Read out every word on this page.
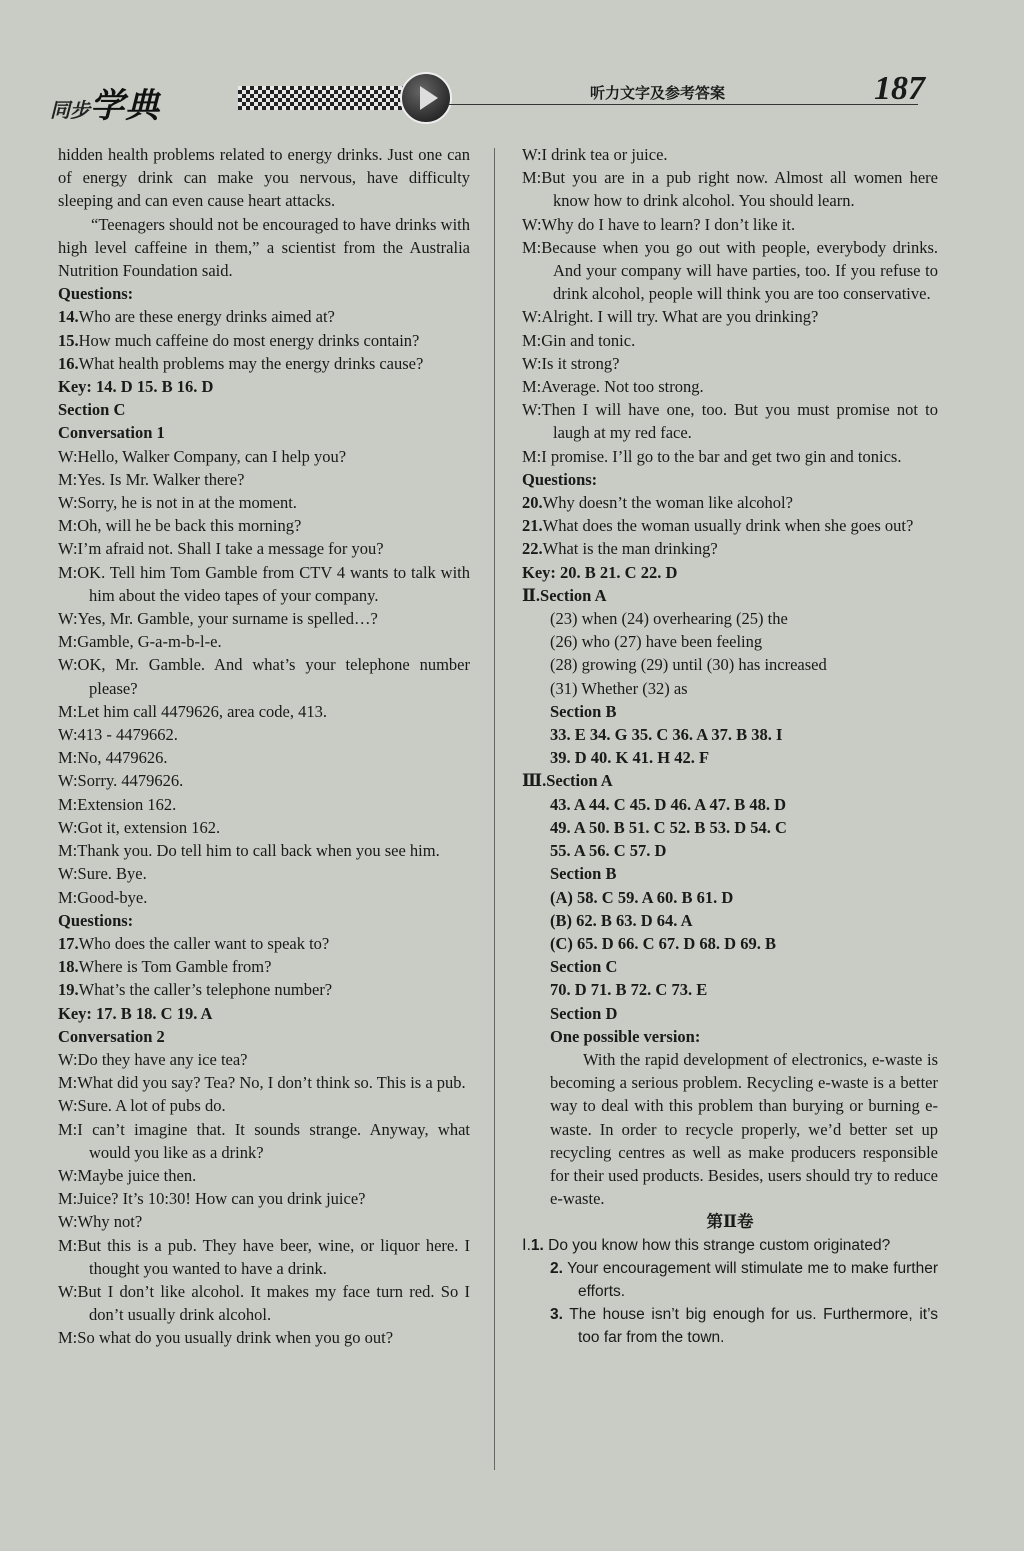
同步学典	听力文字及参考答案	187
hidden health problems related to energy drinks. Just one can of energy drink can make you nervous, have difficulty sleeping and can even cause heart attacks.
“Teenagers should not be encouraged to have drinks with high level caffeine in them,” a scientist from the Australia Nutrition Foundation said.
Questions:
14.Who are these energy drinks aimed at?
15.How much caffeine do most energy drinks contain?
16.What health problems may the energy drinks cause?
Key: 14. D 15. B 16. D
Section C
Conversation 1
W:Hello, Walker Company, can I help you?
M:Yes. Is Mr. Walker there?
W:Sorry, he is not in at the moment.
M:Oh, will he be back this morning?
W:I’m afraid not. Shall I take a message for you?
M:OK. Tell him Tom Gamble from CTV 4 wants to talk with him about the video tapes of your company.
W:Yes, Mr. Gamble, your surname is spelled…?
M:Gamble, G-a-m-b-l-e.
W:OK, Mr. Gamble. And what’s your telephone number please?
M:Let him call 4479626, area code, 413.
W:413 - 4479662.
M:No, 4479626.
W:Sorry. 4479626.
M:Extension 162.
W:Got it, extension 162.
M:Thank you. Do tell him to call back when you see him.
W:Sure. Bye.
M:Good-bye.
Questions:
17.Who does the caller want to speak to?
18.Where is Tom Gamble from?
19.What’s the caller’s telephone number?
Key: 17. B 18. C 19. A
Conversation 2
W:Do they have any ice tea?
M:What did you say? Tea? No, I don’t think so. This is a pub.
W:Sure. A lot of pubs do.
M:I can’t imagine that. It sounds strange. Anyway, what would you like as a drink?
W:Maybe juice then.
M:Juice? It’s 10:30! How can you drink juice?
W:Why not?
M:But this is a pub. They have beer, wine, or liquor here. I thought you wanted to have a drink.
W:But I don’t like alcohol. It makes my face turn red. So I don’t usually drink alcohol.
M:So what do you usually drink when you go out?
W:I drink tea or juice.
M:But you are in a pub right now. Almost all women here know how to drink alcohol. You should learn.
W:Why do I have to learn? I don’t like it.
M:Because when you go out with people, everybody drinks. And your company will have parties, too. If you refuse to drink alcohol, people will think you are too conservative.
W:Alright. I will try. What are you drinking?
M:Gin and tonic.
W:Is it strong?
M:Average. Not too strong.
W:Then I will have one, too. But you must promise not to laugh at my red face.
M:I promise. I’ll go to the bar and get two gin and tonics.
Questions:
20.Why doesn’t the woman like alcohol?
21.What does the woman usually drink when she goes out?
22.What is the man drinking?
Key: 20. B 21. C 22. D
Ⅱ.Section A
(23) when (24) overhearing (25) the
(26) who (27) have been feeling
(28) growing (29) until (30) has increased
(31) Whether (32) as
Section B
33. E 34. G 35. C 36. A 37. B 38. I
39. D 40. K 41. H 42. F
Ⅲ.Section A
43. A 44. C 45. D 46. A 47. B 48. D
49. A 50. B 51. C 52. B 53. D 54. C
55. A 56. C 57. D
Section B
(A) 58. C 59. A 60. B 61. D
(B) 62. B 63. D 64. A
(C) 65. D 66. C 67. D 68. D 69. B
Section C
70. D 71. B 72. C 73. E
Section D
One possible version:
With the rapid development of electronics, e-waste is becoming a serious problem. Recycling e-waste is a better way to deal with this problem than burying or burning e-waste. In order to recycle properly, we’d better set up recycling centres as well as make producers responsible for their used products. Besides, users should try to reduce e-waste.
第Ⅱ卷
Ⅰ.1. Do you know how this strange custom originated?
2. Your encouragement will stimulate me to make further efforts.
3. The house isn’t big enough for us. Furthermore, it’s too far from the town.
